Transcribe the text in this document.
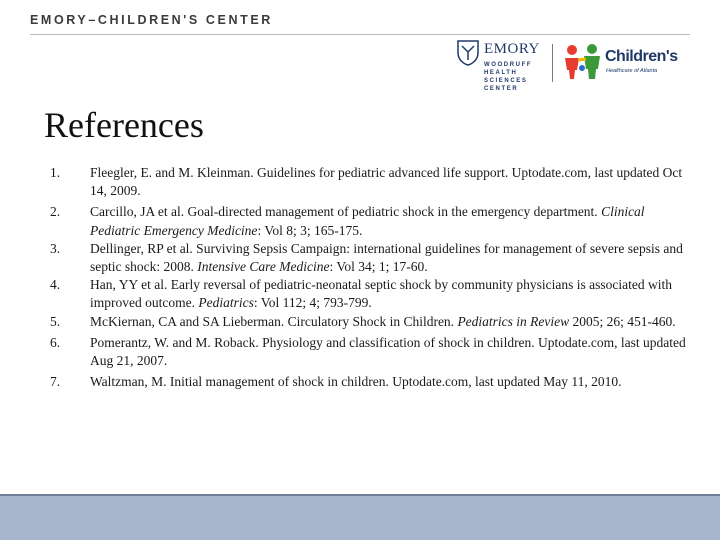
EMORY–CHILDREN'S CENTER
EMORY
WOODRUFF
HEALTH
SCIENCES
CENTER
Children's
Healthcare of Atlanta
References
1. Fleegler, E. and M. Kleinman. Guidelines for pediatric advanced life support. Uptodate.com, last updated Oct 14, 2009.
2. Carcillo, JA et al. Goal-directed management of pediatric shock in the emergency department. Clinical Pediatric Emergency Medicine: Vol 8; 3; 165-175.
3. Dellinger, RP et al. Surviving Sepsis Campaign: international guidelines for management of severe sepsis and septic shock: 2008. Intensive Care Medicine: Vol 34; 1; 17-60.
4. Han, YY et al. Early reversal of pediatric-neonatal septic shock by community physicians is associated with improved outcome. Pediatrics: Vol 112; 4; 793-799.
5. McKiernan, CA and SA Lieberman. Circulatory Shock in Children. Pediatrics in Review 2005; 26; 451-460.
6. Pomerantz, W. and M. Roback. Physiology and classification of shock in children. Uptodate.com, last updated Aug 21, 2007.
7. Waltzman, M. Initial management of shock in children. Uptodate.com, last updated May 11, 2010.
